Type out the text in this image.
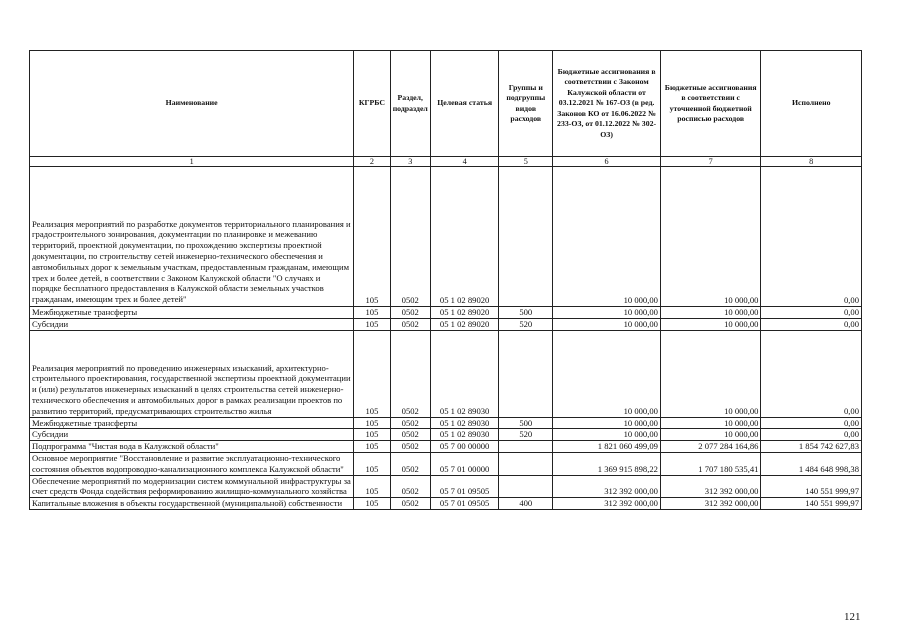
Наименование	КГРБС	Раздел, подраздел	Целевая статья	Группы и подгруппы видов расходов	Бюджетные ассигнования в соответствии с Законом Калужской области от 03.12.2021 № 167-ОЗ (в ред. Законов КО от 16.06.2022 № 233-ОЗ, от 01.12.2022 № 302-ОЗ)	Бюджетные ассигнования в соответствии с уточненной бюджетной росписью расходов	Исполнено
1	2	3	4	5	6	7	8
Реализация мероприятий по разработке документов территориального планирования и градостроительного зонирования, документации по планировке и межеванию территорий, проектной документации, по прохождению экспертизы проектной документации, по строительству сетей инженерно-технического обеспечения и автомобильных дорог к земельным участкам, предоставленным гражданам, имеющим трех и более детей, в соответствии с Законом Калужской области "О случаях и порядке бесплатного предоставления в Калужской области земельных участков гражданам, имеющим трех и более детей"	105	0502	05 1 02 89020		10 000,00	10 000,00	0,00
Межбюджетные трансферты	105	0502	05 1 02 89020	500	10 000,00	10 000,00	0,00
Субсидии	105	0502	05 1 02 89020	520	10 000,00	10 000,00	0,00
Реализация мероприятий по проведению инженерных изысканий, архитектурно-строительного проектирования, государственной экспертизы проектной документации и (или) результатов инженерных изысканий в целях строительства сетей инженерно-технического обеспечения и автомобильных дорог в рамках реализации проектов по развитию территорий, предусматривающих строительство жилья	105	0502	05 1 02 89030		10 000,00	10 000,00	0,00
Межбюджетные трансферты	105	0502	05 1 02 89030	500	10 000,00	10 000,00	0,00
Субсидии	105	0502	05 1 02 89030	520	10 000,00	10 000,00	0,00
Подпрограмма "Чистая вода в Калужской области"	105	0502	05 7 00 00000		1 821 060 499,09	2 077 284 164,86	1 854 742 627,83
Основное мероприятие "Восстановление и развитие эксплуатационно-технического состояния объектов водопроводно-канализационного комплекса Калужской области"	105	0502	05 7 01 00000		1 369 915 898,22	1 707 180 535,41	1 484 648 998,38
Обеспечение мероприятий по модернизации систем коммунальной инфраструктуры за счет средств Фонда содействия реформированию жилищно-коммунального хозяйства	105	0502	05 7 01 09505		312 392 000,00	312 392 000,00	140 551 999,97
Капитальные вложения в объекты государственной (муниципальной) собственности	105	0502	05 7 01 09505	400	312 392 000,00	312 392 000,00	140 551 999,97
121
